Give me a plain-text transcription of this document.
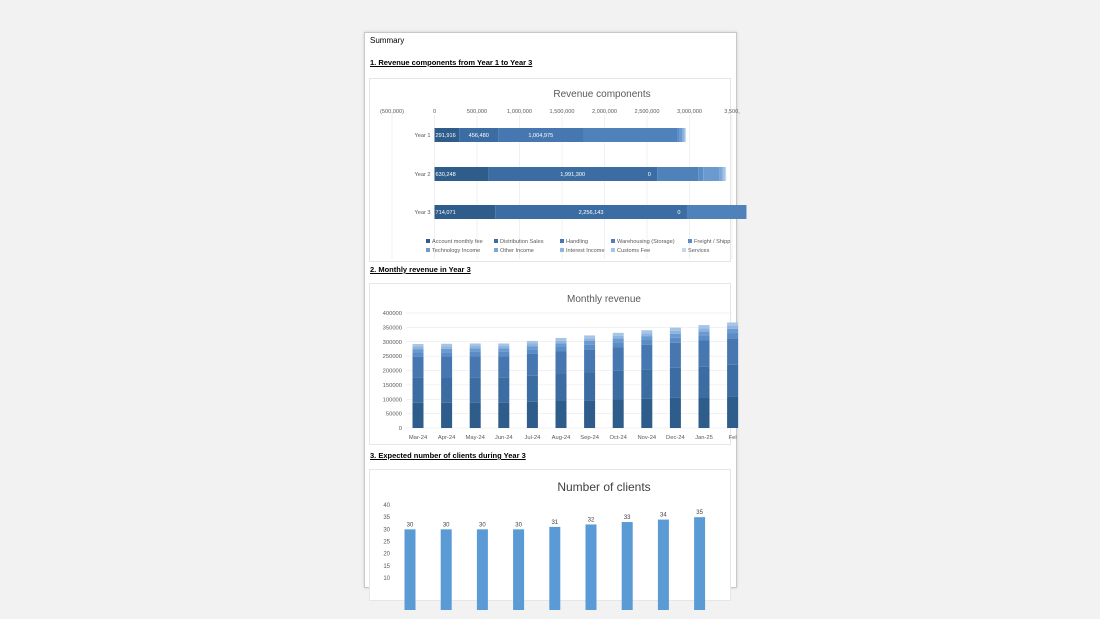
Summary
1. Revenue components from Year 1 to Year 3
Revenue components
(500,000)	0	500,000	1,000,000	1,500,000	2,000,000	2,500,000	3,000,000	3,500,
Year 1 291,916 456,480	1,004,975
Year 2 630,248	1,991,300	0
Year 3 714,071	2,256,143	0
Account monthly fee	Distribution Sales	Handling	Warehousing (Storage)	Freight / Shipp
Technology Income	Other Income	Interest Income Customs Fee	Services
2. Monthly revenue in Year 3
Monthly revenue
400000
350000
300000
250000
200000
150000
100000
50000
0
Mar-24 Apr-24 May-24 Jun-24 Jul-24 Aug-24 Sep-24 Oct-24 Nov-24 Dec-24 Jan-25	Fel
3. Expected number of clients during Year 3
Number of clients
40
35
30
25
20
15
10
30	30	30	30	31	32	33	34	35
